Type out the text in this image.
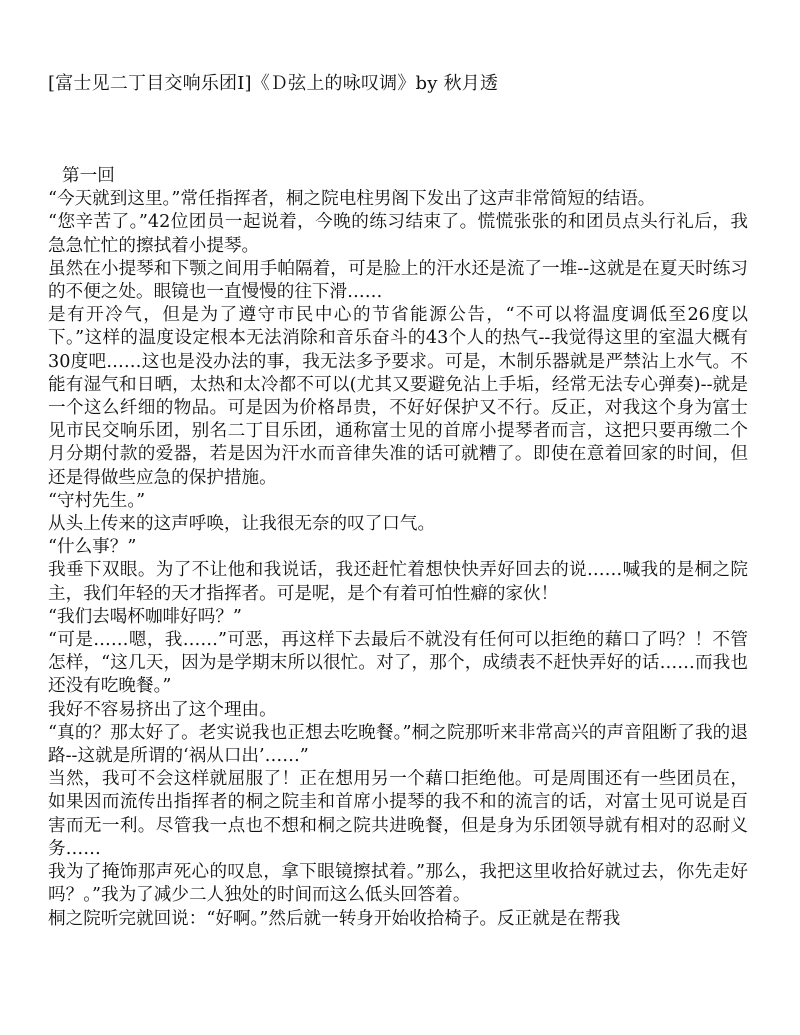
[富士见二丁目交响乐团Ⅰ]《Ｄ弦上的咏叹调》by 秋月透
第一回

“今天就到这里。”常任指挥者，桐之院电柱男阁下发出了这声非常简短的结语。

“您辛苦了。”42位团员一起说着，今晚的练习结束了。慌慌张张的和团员点头行礼后，我急急忙忙的擦拭着小提琴。

虽然在小提琴和下颚之间用手帕隔着，可是脸上的汗水还是流了一堆--这就是在夏天时练习的不便之处。眼镜也一直慢慢的往下滑……

是有开冷气，但是为了遵守市民中心的节省能源公告，“不可以将温度调低至26度以下。”这样的温度设定根本无法消除和音乐奋斗的43个人的热气--我觉得这里的室温大概有30度吧……这也是没办法的事，我无法多予要求。可是，木制乐器就是严禁沾上水气。不能有湿气和日晒，太热和太冷都不可以(尤其又要避免沾上手垢，经常无法专心弹奏)--就是一个这么纤细的物品。可是因为价格昂贵，不好好保护又不行。反正，对我这个身为富士见市民交响乐团，别名二丁目乐团，通称富士见的首席小提琴者而言，这把只要再缴二个月分期付款的爱器，若是因为汗水而音律失准的话可就糟了。即使在意着回家的时间，但还是得做些应急的保护措施。

“守村先生。”

从头上传来的这声呼唤，让我很无奈的叹了口气。

“什么事？”

我垂下双眼。为了不让他和我说话，我还赶忙着想快快弄好回去的说……喊我的是桐之院主，我们年轻的天才指挥者。可是呢，是个有着可怕性癖的家伙！

“我们去喝杯咖啡好吗？”

“可是……嗯，我……”可恶，再这样下去最后不就没有任何可以拒绝的藉口了吗？！不管怎样，“这几天，因为是学期末所以很忙。对了，那个，成绩表不赶快弄好的话……而我也还没有吃晚餐。”

我好不容易挤出了这个理由。

“真的？那太好了。老实说我也正想去吃晚餐。”桐之院那听来非常高兴的声音阻断了我的退路--这就是所谓的‘祸从口出’……”

当然，我可不会这样就屈服了！正在想用另一个藉口拒绝他。可是周围还有一些团员在，如果因而流传出指挥者的桐之院圭和首席小提琴的我不和的流言的话，对富士见可说是百害而无一利。尽管我一点也不想和桐之院共进晚餐，但是身为乐团领导就有相对的忍耐义务……

我为了掩饰那声死心的叹息，拿下眼镜擦拭着。”那么，我把这里收拾好就过去，你先走好吗？。”我为了减少二人独处的时间而这么低头回答着。

桐之院听完就回说：“好啊。”然后就一转身开始收拾椅子。反正就是在帮我
